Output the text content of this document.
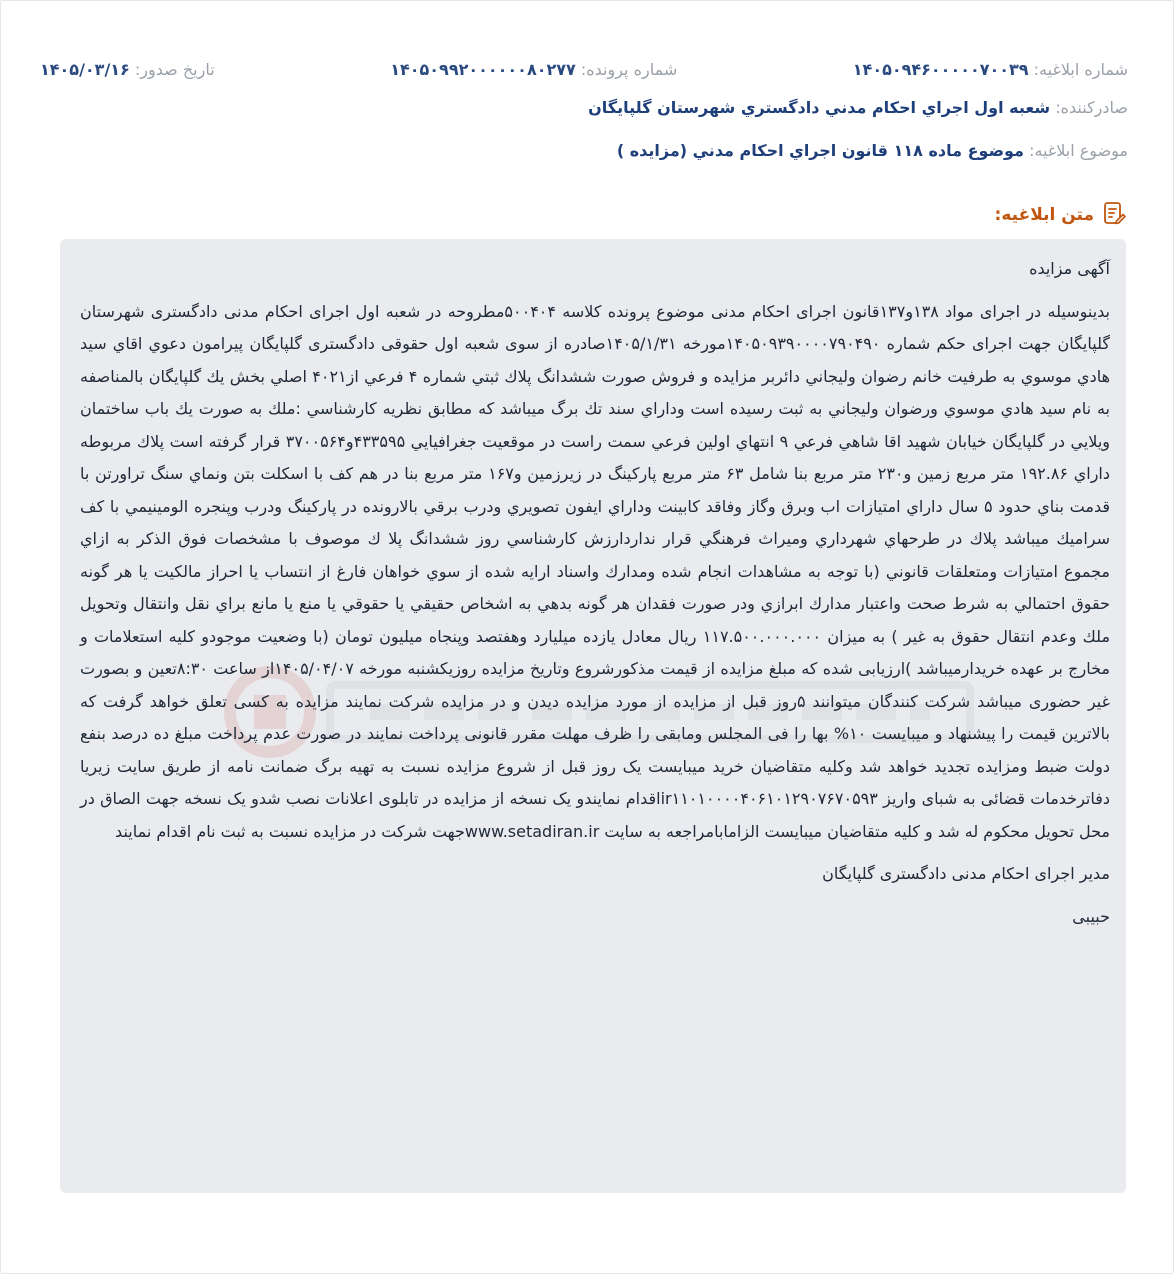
شماره ابلاغیه: ۱۴۰۵۰۹۴۶۰۰۰۰۰۷۰۰۳۹
شماره پرونده: ۱۴۰۵۰۹۹۲۰۰۰۰۰۰۸۰۲۷۷
تاریخ صدور: ۱۴۰۵/۰۳/۱۶
صادرکننده: شعبه اول اجراي احكام مدني دادگستري شهرستان گلپايگان
موضوع ابلاغیه: موضوع ماده ۱۱۸ قانون اجراي احكام مدني (مزايده )
متن ابلاغیه:

آگهی مزایده

بدینوسیله در اجرای مواد ۱۳۸و۱۳۷قانون اجرای احکام مدنی موضوع پرونده کلاسه ۵۰۰۴۰۴مطروحه در شعبه اول اجرای احکام مدنی دادگستری شهرستان گلپایگان جهت اجرای حکم شماره ۱۴۰۵۰۹۳۹۰۰۰۰۷۹۰۴۹۰مورخه ۱۴۰۵/۱/۳۱صادره از سوی شعبه اول حقوقی دادگستری گلپایگان پیرامون دعوي اقاي سيد هادي موسوي به طرفيت خانم رضوان وليجاني دائربر مزايده و فروش صورت ششدانگ پلاك ثبتي شماره ۴ فرعي از۴۰۲۱ اصلي بخش يك گلپايگان بالمناصفه به نام سيد هادي موسوي ورضوان وليجاني به ثبت رسيده است وداراي سند تك برگ ميباشد كه مطابق نظريه كارشناسي :ملك به صورت يك باب ساختمان ويلايي در گلپايگان خيابان شهيد اقا شاهي فرعي ۹ انتهاي اولين فرعي سمت راست در موقعيت جغرافيايي ۴۳۳۵۹۵و۳۷۰۰۵۶۴ قرار گرفته است پلاك مربوطه داراي ۱۹۲.۸۶ متر مربع زمين و۲۳۰ متر مربع بنا شامل ۶۳ متر مربع پاركينگ در زيرزمين و۱۶۷ متر مربع بنا در هم كف با اسكلت بتن ونماي سنگ تراورتن با قدمت بناي حدود ۵ سال داراي امتيازات اب وبرق وگاز وفاقد كابينت وداراي ايفون تصويري ودرب برقي بالارونده در پاركينگ ودرب وپنجره الومينيمي با كف سراميك ميباشد پلاك در طرحهاي شهرداري وميراث فرهنگي قرار ندارد‌ارزش كارشناسي روز ششدانگ پلا ك موصوف با مشخصات فوق الذكر به ازاي مجموع امتيازات ومتعلقات قانوني (با توجه به مشاهدات انجام شده ومدارك واسناد ارايه شده از سوي خواهان فارغ از انتساب يا احراز مالكيت يا هر گونه حقوق احتمالي به شرط صحت واعتبار مدارك ابرازي ودر صورت فقدان هر گونه بدهي به اشخاص حقيقي يا حقوقي يا منع يا مانع براي نقل وانتقال وتحويل ملك وعدم انتقال حقوق به غير ) به ميزان ۱۱۷.۵۰۰.۰۰۰.۰۰۰ ريال معادل يازده ميليارد وهفتصد وپنجاه ميليون تومان (با وضعیت موجودو کلیه استعلامات و مخارج بر عهده خریدارمیباشد )ارزیابی شده که مبلغ مزایده از قیمت مذکورشروع وتاریخ مزایده روزیکشنبه مورخه ۱۴۰۵/۰۴/۰۷از ساعت ۸:۳۰تعین و بصورت غیر حضوری میباشد شرکت کنندگان میتوانند ۵روز قبل از مزایده از مورد مزایده دیدن و در مزایده شرکت نمایند مزایده به کسی تعلق خواهد گرفت که بالاترین قیمت را پیشنهاد و میبایست ۱۰% بها را فی المجلس ومابقی را ظرف مهلت مقرر قانونی پرداخت نمایند در صورت عدم پرداخت مبلغ ده درصد بنفع دولت ضبط ومزایده تجدید خواهد شد وکلیه متقاضیان خرید میبایست یک روز قبل از شروع مزایده نسبت به تهیه برگ ضمانت نامه از طریق سایت زیریا دفاترخدمات قضائی به شبای واریز ir۱۱۰۱۰۰۰۰۴۰۶۱۰۱۲۹۰۷۶۷۰۵۹۳اقدام نمایندو یک نسخه از مزایده در تابلوی اعلانات نصب شدو یک نسخه جهت الصاق در محل تحویل محکوم له شد و کلیه متقاضیان میبایست الزامابامراجعه به سایت www.setadiran.irجهت شرکت در مزایده نسبت به ثبت نام اقدام نمایند

مدیر اجرای احکام مدنی دادگستری گلپایگان

حبیبی
